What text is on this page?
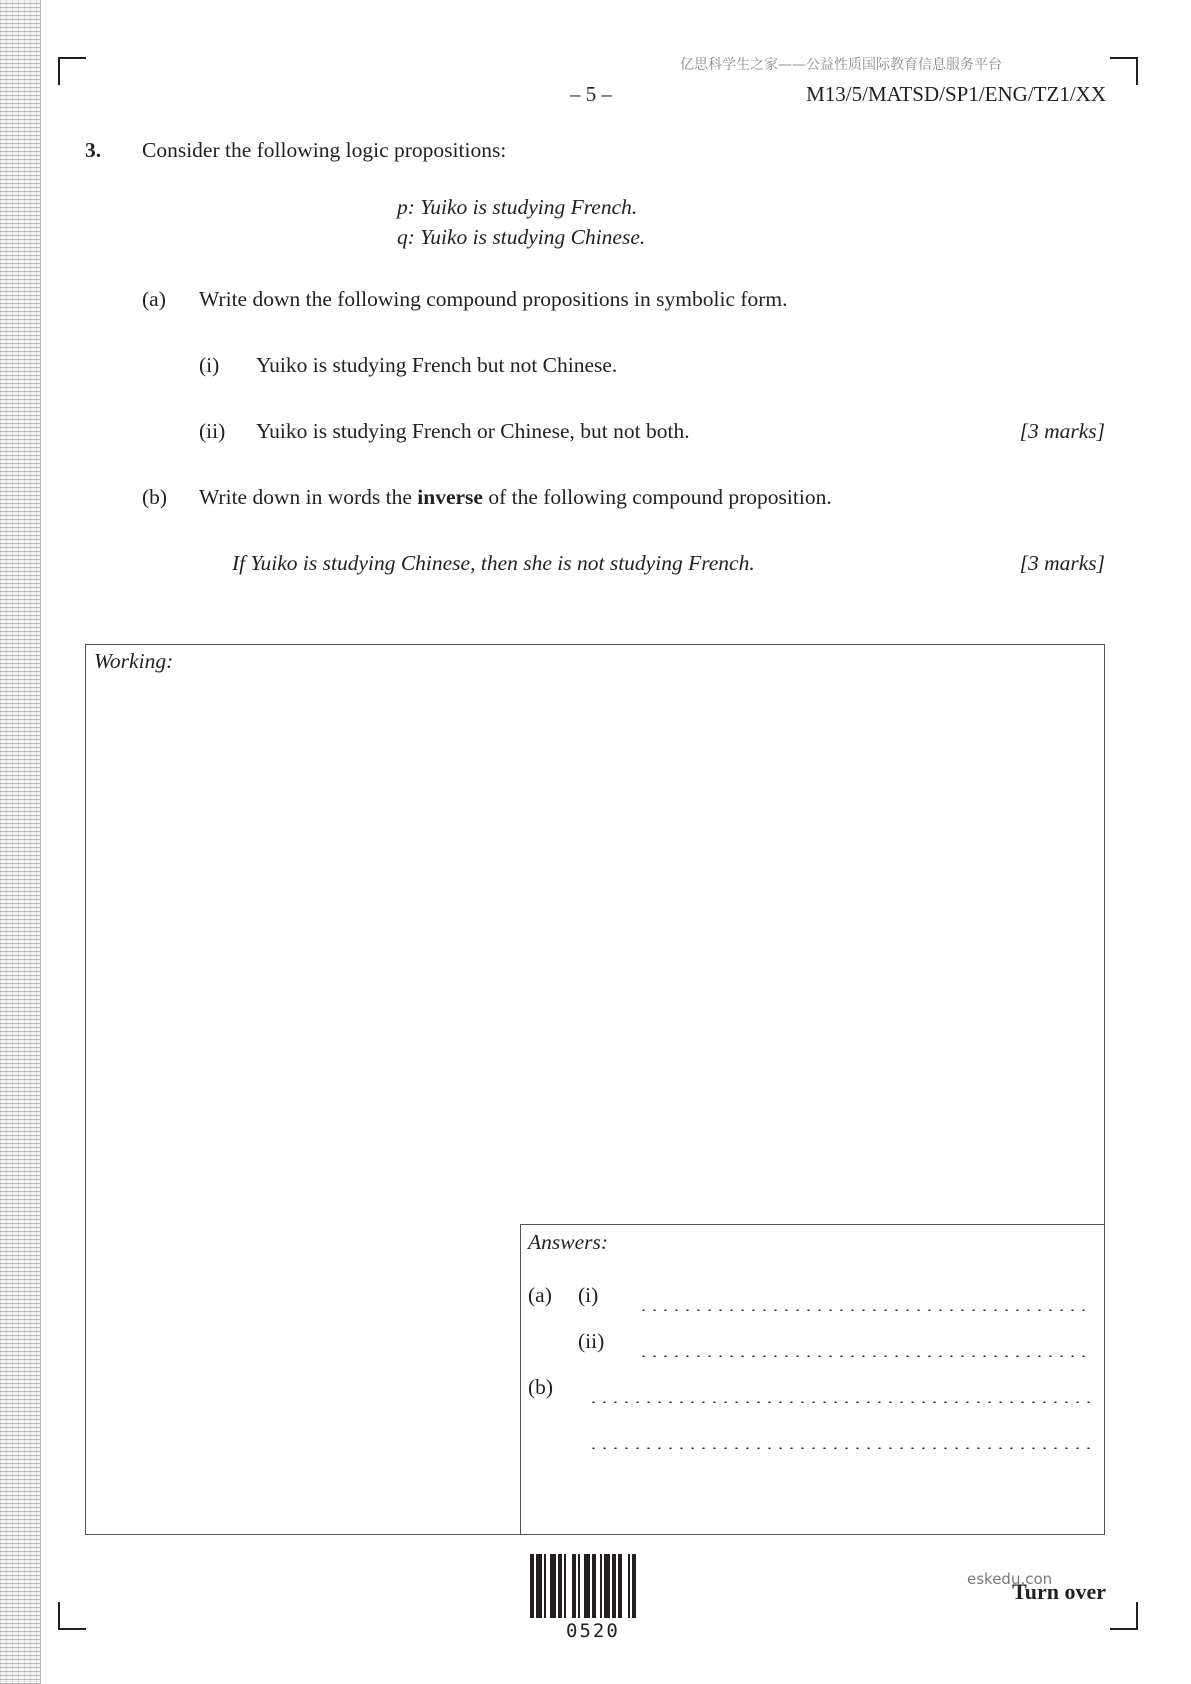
亿思科学生之家——公益性质国际教育信息服务平台
– 5 –	M13/5/MATSD/SP1/ENG/TZ1/XX
3. Consider the following logic propositions:
p: Yuiko is studying French.
q: Yuiko is studying Chinese.
(a) Write down the following compound propositions in symbolic form.
(i) Yuiko is studying French but not Chinese.
(ii) Yuiko is studying French or Chinese, but not both.	[3 marks]
(b) Write down in words the inverse of the following compound proposition.
If Yuiko is studying Chinese, then she is not studying French.	[3 marks]
Working:
Answers:
(a) (i)
(ii)
(b)
0520
eskedu.con
Turn over
